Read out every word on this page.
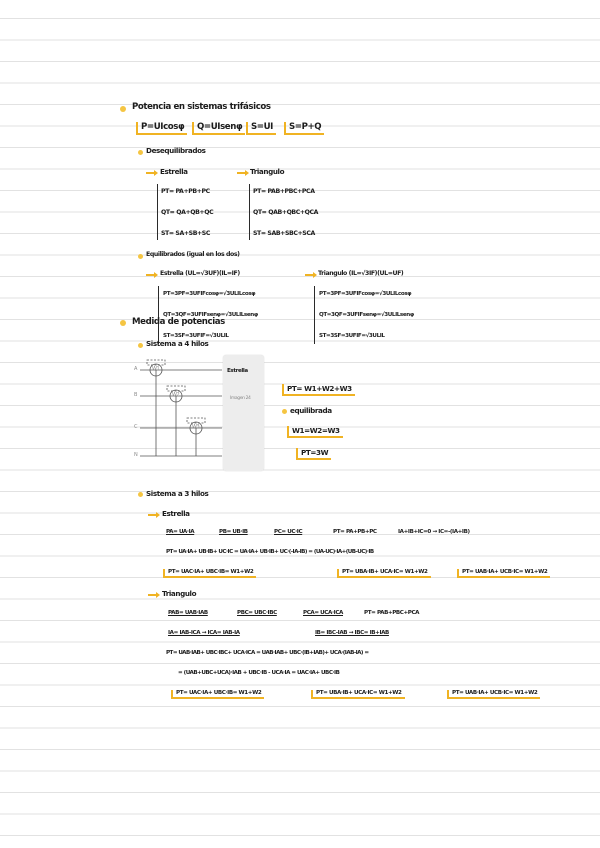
Potencia en sistemas trifásicos
P=UIcosφ	Q=UIsenφ	S=UI	S=P+Q
Desequilibrados
Estrella	Triangulo
PT= PA+PB+PC
QT= QA+QB+QC
ST= SA+SB+SC
PT= PAB+PBC+PCA
QT= QAB+QBC+QCA
ST= SAB+SBC+SCA
Equilibrados (igual en los dos)
Estrella (UL=√3UF)(IL=IF)	Triangulo (IL=√3IF)(UL=UF)
PT=3PF=3UFIFcosφ=√3ULILcosφ
QT=3QF=3UFIFsenφ=√3ULILsenφ
ST=3SF=3UFIF=√3ULIL
PT=3PF=3UFIFcosφ=√3ULILcosφ
QT=3QF=3UFIFsenφ=√3ULILsenφ
ST=3SF=3UFIF=√3ULIL
Medida de potencias
Sistema a 4 hilos
A
B
C
N
W1
W2
W3
Estrella
Imagen 24
PT= W1+W2+W3
equilibrada
W1=W2=W3
PT=3W
Sistema a 3 hilos
Estrella
PA= UA·IA	PB= UB·IB	PC= UC·IC	PT= PA+PB+PC	IA+IB+IC=0 → IC=-(IA+IB)
PT= UA·IA+ UB·IB+ UC·IC = UA·IA+ UB·IB+ UC·(-IA-IB) = (UA-UC)·IA+(UB-UC)·IB
PT= UAC·IA+ UBC·IB= W1+W2	PT= UBA·IB+ UCA·IC= W1+W2	PT= UAB·IA+ UCB·IC= W1+W2
Triangulo
PAB= UAB·IAB	PBC= UBC·IBC	PCA= UCA·ICA	PT= PAB+PBC+PCA
IA= IAB-ICA → ICA= IAB-IA	IB= IBC-IAB → IBC= IB+IAB
PT= UAB·IAB+ UBC·IBC+ UCA·ICA = UAB·IAB+ UBC·(IB+IAB)+ UCA·(IAB-IA) =
= (UAB+UBC+UCA)·IAB + UBC·IB - UCA·IA = UAC·IA+ UBC·IB
PT= UAC·IA+ UBC·IB= W1+W2	PT= UBA·IB+ UCA·IC= W1+W2	PT= UAB·IA+ UCB·IC= W1+W2
